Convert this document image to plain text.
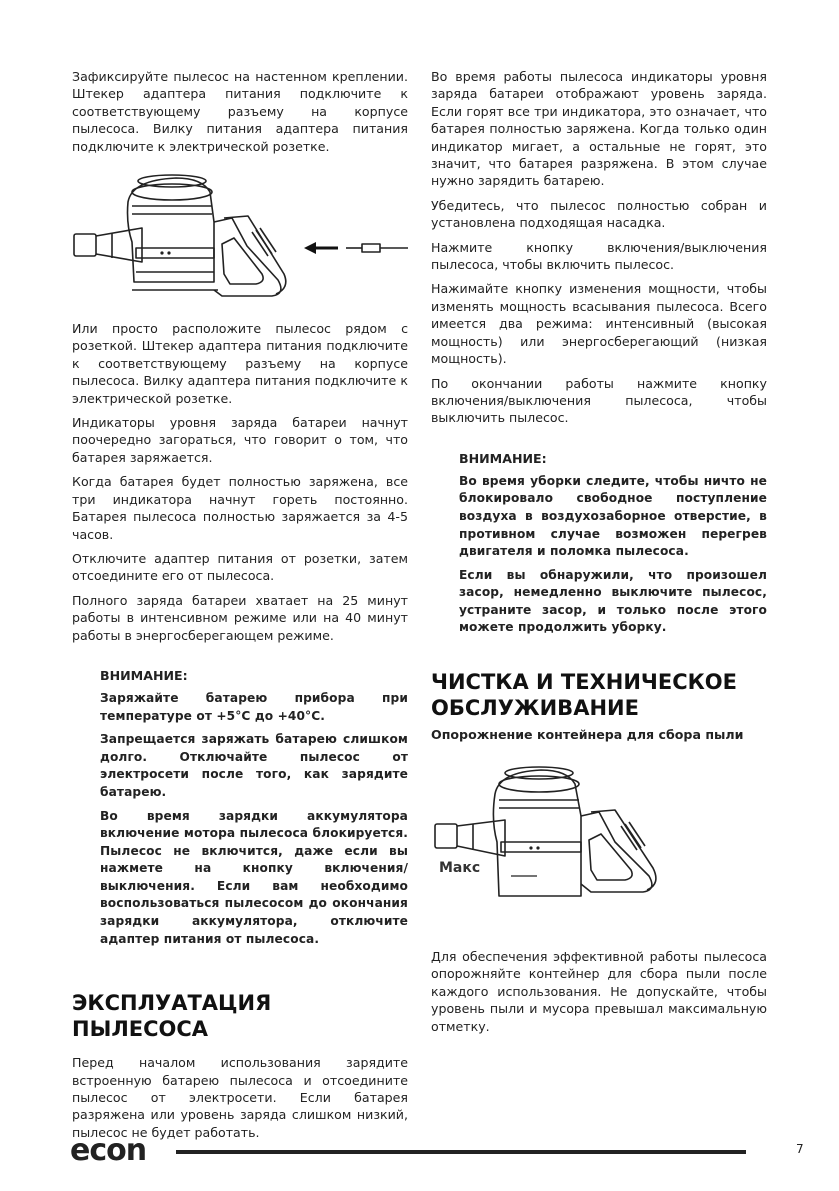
Зафиксируйте пылесос на настенном креплении. Штекер адаптера питания подключите к соответствующему разъему на корпусе пылесоса. Вилку питания адаптера питания подключите к электрической розетке.

Или просто расположите пылесос рядом с розеткой. Штекер адаптера питания подключите к соответствующему разъему на корпусе пылесоса. Вилку адаптера питания подключите к электрической розетке.

Индикаторы уровня заряда батареи начнут поочередно загораться, что говорит о том, что батарея заряжается.

Когда батарея будет полностью заряжена, все три индикатора начнут гореть постоянно. Батарея пылесоса полностью заряжается за 4-5 часов.

Отключите адаптер питания от розетки, затем отсоедините его от пылесоса.

Полного заряда батареи хватает на 25 минут работы в интенсивном режиме или на 40 минут работы в энергосберегающем режиме.

ВНИМАНИЕ:

Заряжайте батарею прибора при температуре от +5°С до +40°С.

Запрещается заряжать батарею слишком долго. Отключайте пылесос от электросети после того, как зарядите батарею.

Во время зарядки аккумулятора включение мотора пылесоса блокируется. Пылесос не включится, даже если вы нажмете на кнопку включения/выключения. Если вам необходимо воспользоваться пылесосом до окончания зарядки аккумулятора, отключите адаптер питания от пылесоса.

ЭКСПЛУАТАЦИЯ ПЫЛЕСОСА

Перед началом использования зарядите встроенную батарею пылесоса и отсоедините пылесос от электросети. Если батарея разряжена или уровень заряда слишком низкий, пылесос не будет работать.

Во время работы пылесоса индикаторы уровня заряда батареи отображают уровень заряда. Если горят все три индикатора, это означает, что батарея полностью заряжена. Когда только один индикатор мигает, а остальные не горят, это значит, что батарея разряжена. В этом случае нужно зарядить батарею.

Убедитесь, что пылесос полностью собран и установлена подходящая насадка.

Нажмите кнопку включения/выключения пылесоса, чтобы включить пылесос.

Нажимайте кнопку изменения мощности, чтобы изменять мощность всасывания пылесоса. Всего имеется два режима: интенсивный (высокая мощность) или энергосберегающий (низкая мощность).

По окончании работы нажмите кнопку включения/выключения пылесоса, чтобы выключить пылесос.

ВНИМАНИЕ:

Во время уборки следите, чтобы ничто не блокировало свободное поступление воздуха в воздухозаборное отверстие, в противном случае возможен перегрев двигателя и поломка пылесоса.

Если вы обнаружили, что произошел засор, немедленно выключите пылесос, устраните засор, и только после этого можете продолжить уборку.

ЧИСТКА И ТЕХНИЧЕСКОЕ ОБСЛУЖИВАНИЕ
Опорожнение контейнера для сбора пыли
Макс

Для обеспечения эффективной работы пылесоса опорожняйте контейнер для сбора пыли после каждого использования. Не допускайте, чтобы уровень пыли и мусора превышал максимальную отметку.

econ	7
